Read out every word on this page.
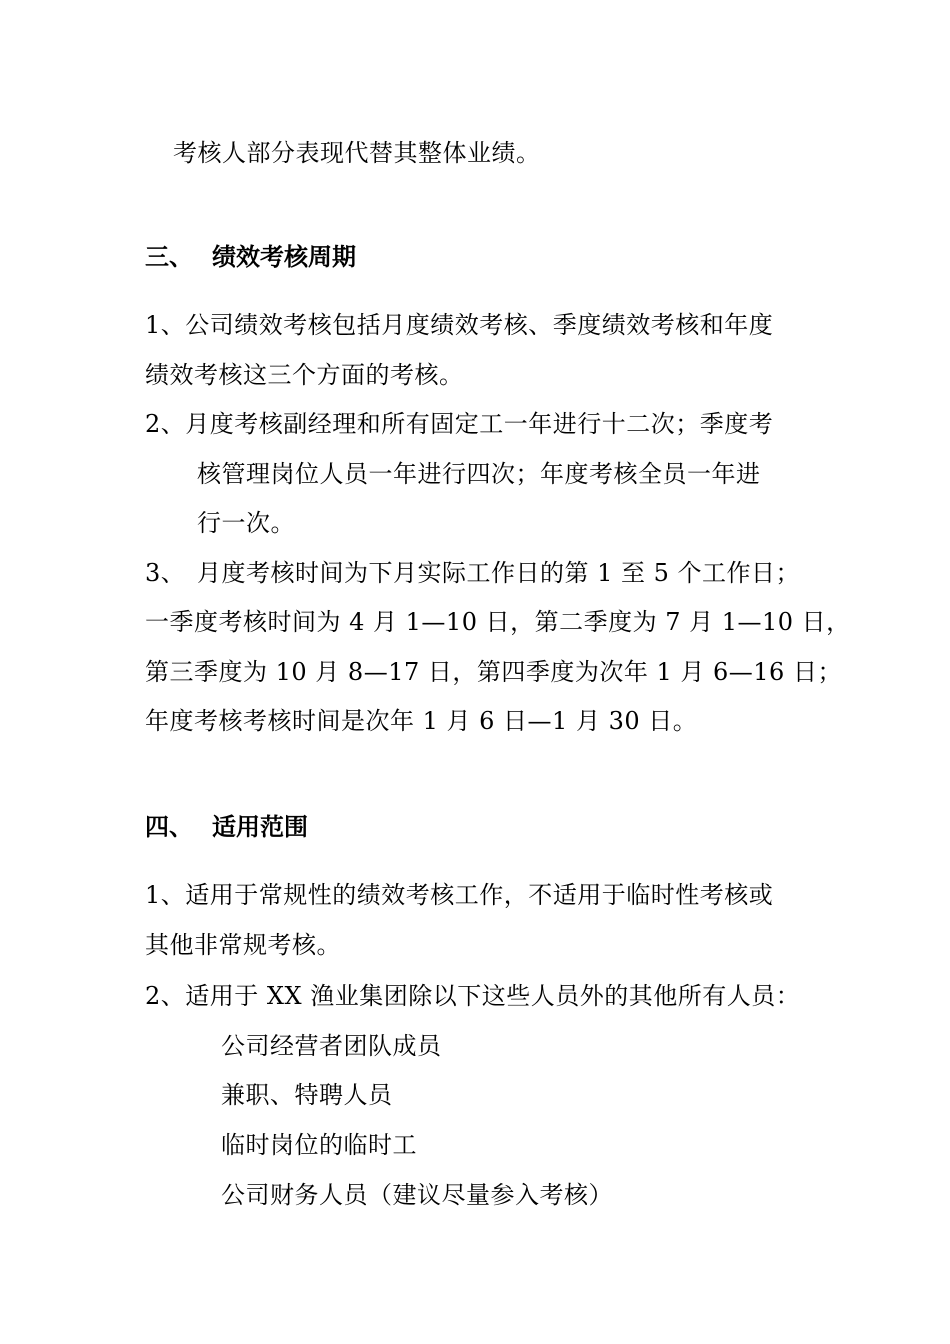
考核人部分表现代替其整体业绩。
三、 绩效考核周期
1、公司绩效考核包括月度绩效考核、季度绩效考核和年度
绩效考核这三个方面的考核。
2、月度考核副经理和所有固定工一年进行十二次；季度考
核管理岗位人员一年进行四次；年度考核全员一年进
行一次。
3、 月度考核时间为下月实际工作日的第 1 至 5 个工作日；
一季度考核时间为 4 月 1—10 日，第二季度为 7 月 1—10 日，
第三季度为 10 月 8—17 日，第四季度为次年 1 月 6—16 日；
年度考核考核时间是次年 1 月 6 日—1 月 30 日。
四、 适用范围
1、适用于常规性的绩效考核工作，不适用于临时性考核或
其他非常规考核。
2、适用于 XX 渔业集团除以下这些人员外的其他所有人员：
公司经营者团队成员
兼职、特聘人员
临时岗位的临时工
公司财务人员（建议尽量参入考核）
